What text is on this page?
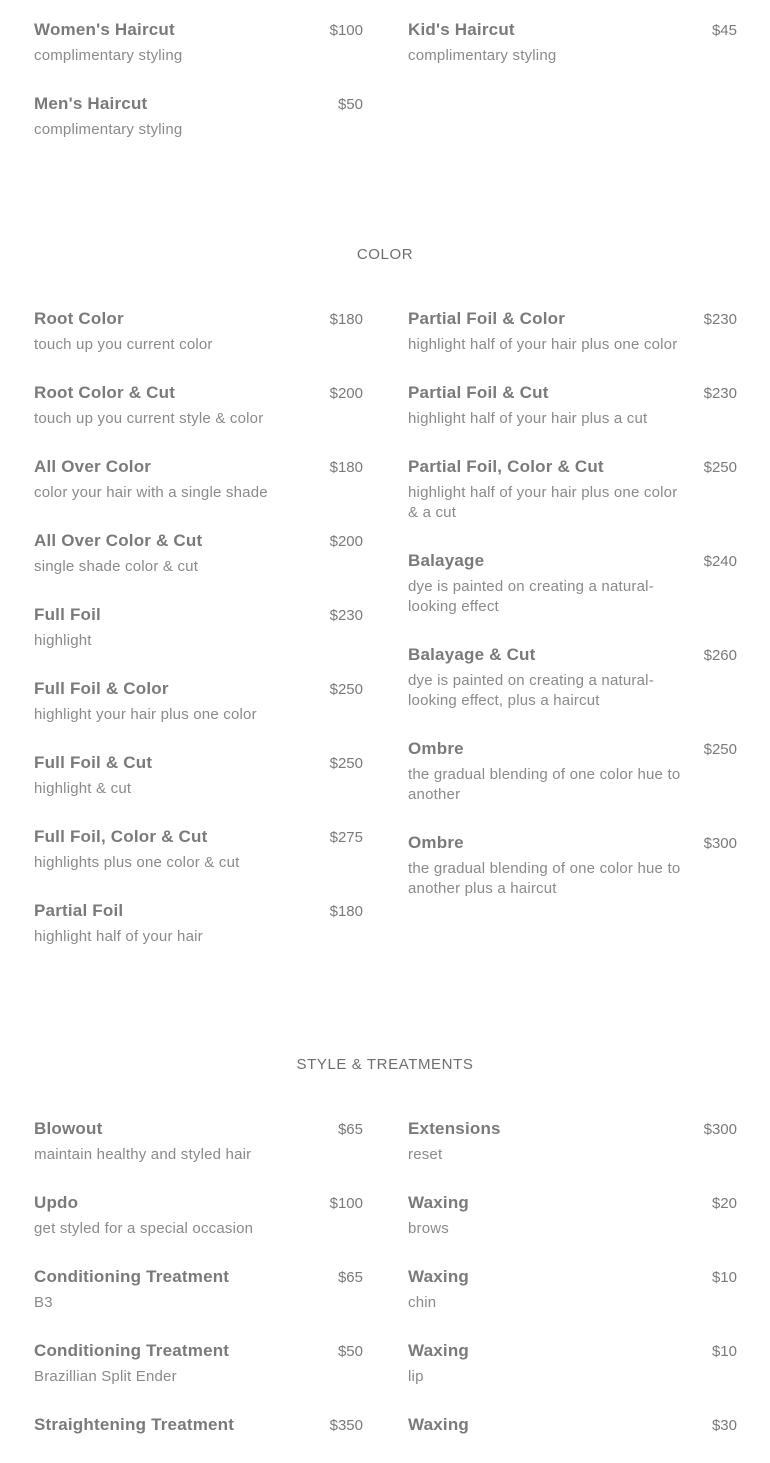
Women's Haircut	$100
complimentary styling
Men's Haircut	$50
complimentary styling
Kid's Haircut	$45
complimentary styling
COLOR
Root Color	$180
touch up you current color
Root Color & Cut	$200
touch up you current style & color
All Over Color	$180
color your hair with a single shade
All Over Color & Cut	$200
single shade color & cut
Full Foil	$230
highlight
Full Foil & Color	$250
highlight your hair plus one color
Full Foil & Cut	$250
highlight & cut
Full Foil, Color & Cut	$275
highlights plus one color & cut
Partial Foil	$180
highlight half of your hair
Partial Foil & Color	$230
highlight half of your hair plus one color
Partial Foil & Cut	$230
highlight half of your hair plus a cut
Partial Foil, Color & Cut	$250
highlight half of your hair plus one color & a cut
Balayage	$240
dye is painted on creating a natural-looking effect
Balayage & Cut	$260
dye is painted on creating a natural-looking effect, plus a haircut
Ombre	$250
the gradual blending of one color hue to another
Ombre	$300
the gradual blending of one color hue to another plus a haircut
STYLE & TREATMENTS
Blowout	$65
maintain healthy and styled hair
Updo	$100
get styled for a special occasion
Conditioning Treatment	$65
B3
Conditioning Treatment	$50
Brazillian Split Ender
Straightening Treatment	$350
Extensions	$300
reset
Waxing	$20
brows
Waxing	$10
chin
Waxing	$10
lip
Waxing	$30
